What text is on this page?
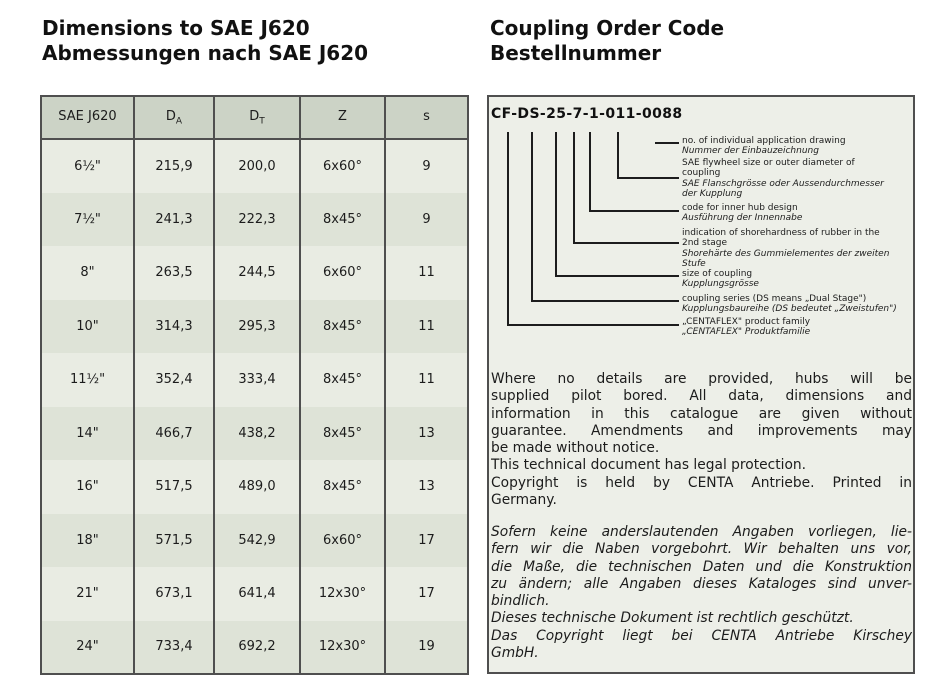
Dimensions to SAE J620
Abmessungen nach SAE J620
Coupling Order Code
Bestellnummer
SAE J620	$D_A$	$D_T$	Z	s
6½"	215,9	200,0	6x60°	9
7½"	241,3	222,3	8x45°	9
8"	263,5	244,5	6x60°	11
10"	314,3	295,3	8x45°	11
11½"	352,4	333,4	8x45°	11
14"	466,7	438,2	8x45°	13
16"	517,5	489,0	8x45°	13
18"	571,5	542,9	6x60°	17
21"	673,1	641,4	12x30°	17
24"	733,4	692,2	12x30°	19
CF-DS-25-7-1-011-0088
no. of individual application drawing
Nummer der Einbauzeichnung
SAE flywheel size or outer diameter of
coupling
SAE Flanschgrösse oder Aussendurchmesser
der Kupplung
code for inner hub design
Ausführung der Innennabe
indication of shorehardness of rubber in the
2nd stage
Shorehärte des Gummielementes der zweiten
Stufe
size of coupling
Kupplungsgrösse
coupling series (DS means „Dual Stage")
Kupplungsbaureihe (DS bedeutet „Zweistufen")
„CENTAFLEX" product family
„CENTAFLEX" Produktfamilie
Where no details are provided, hubs will be
supplied pilot bored. All data, dimensions and
information in this catalogue are given without
guarantee. Amendments and improvements may
be made without notice.
This technical document has legal protection.
Copyright is held by CENTA Antriebe. Printed in
Germany.
Sofern keine anderslautenden Angaben vorliegen, lie-
fern wir die Naben vorgebohrt. Wir behalten uns vor,
die Maße, die technischen Daten und die Konstruktion
zu ändern; alle Angaben dieses Kataloges sind unver-
bindlich.
Dieses technische Dokument ist rechtlich geschützt.
Das Copyright liegt bei CENTA Antriebe Kirschey
GmbH.
